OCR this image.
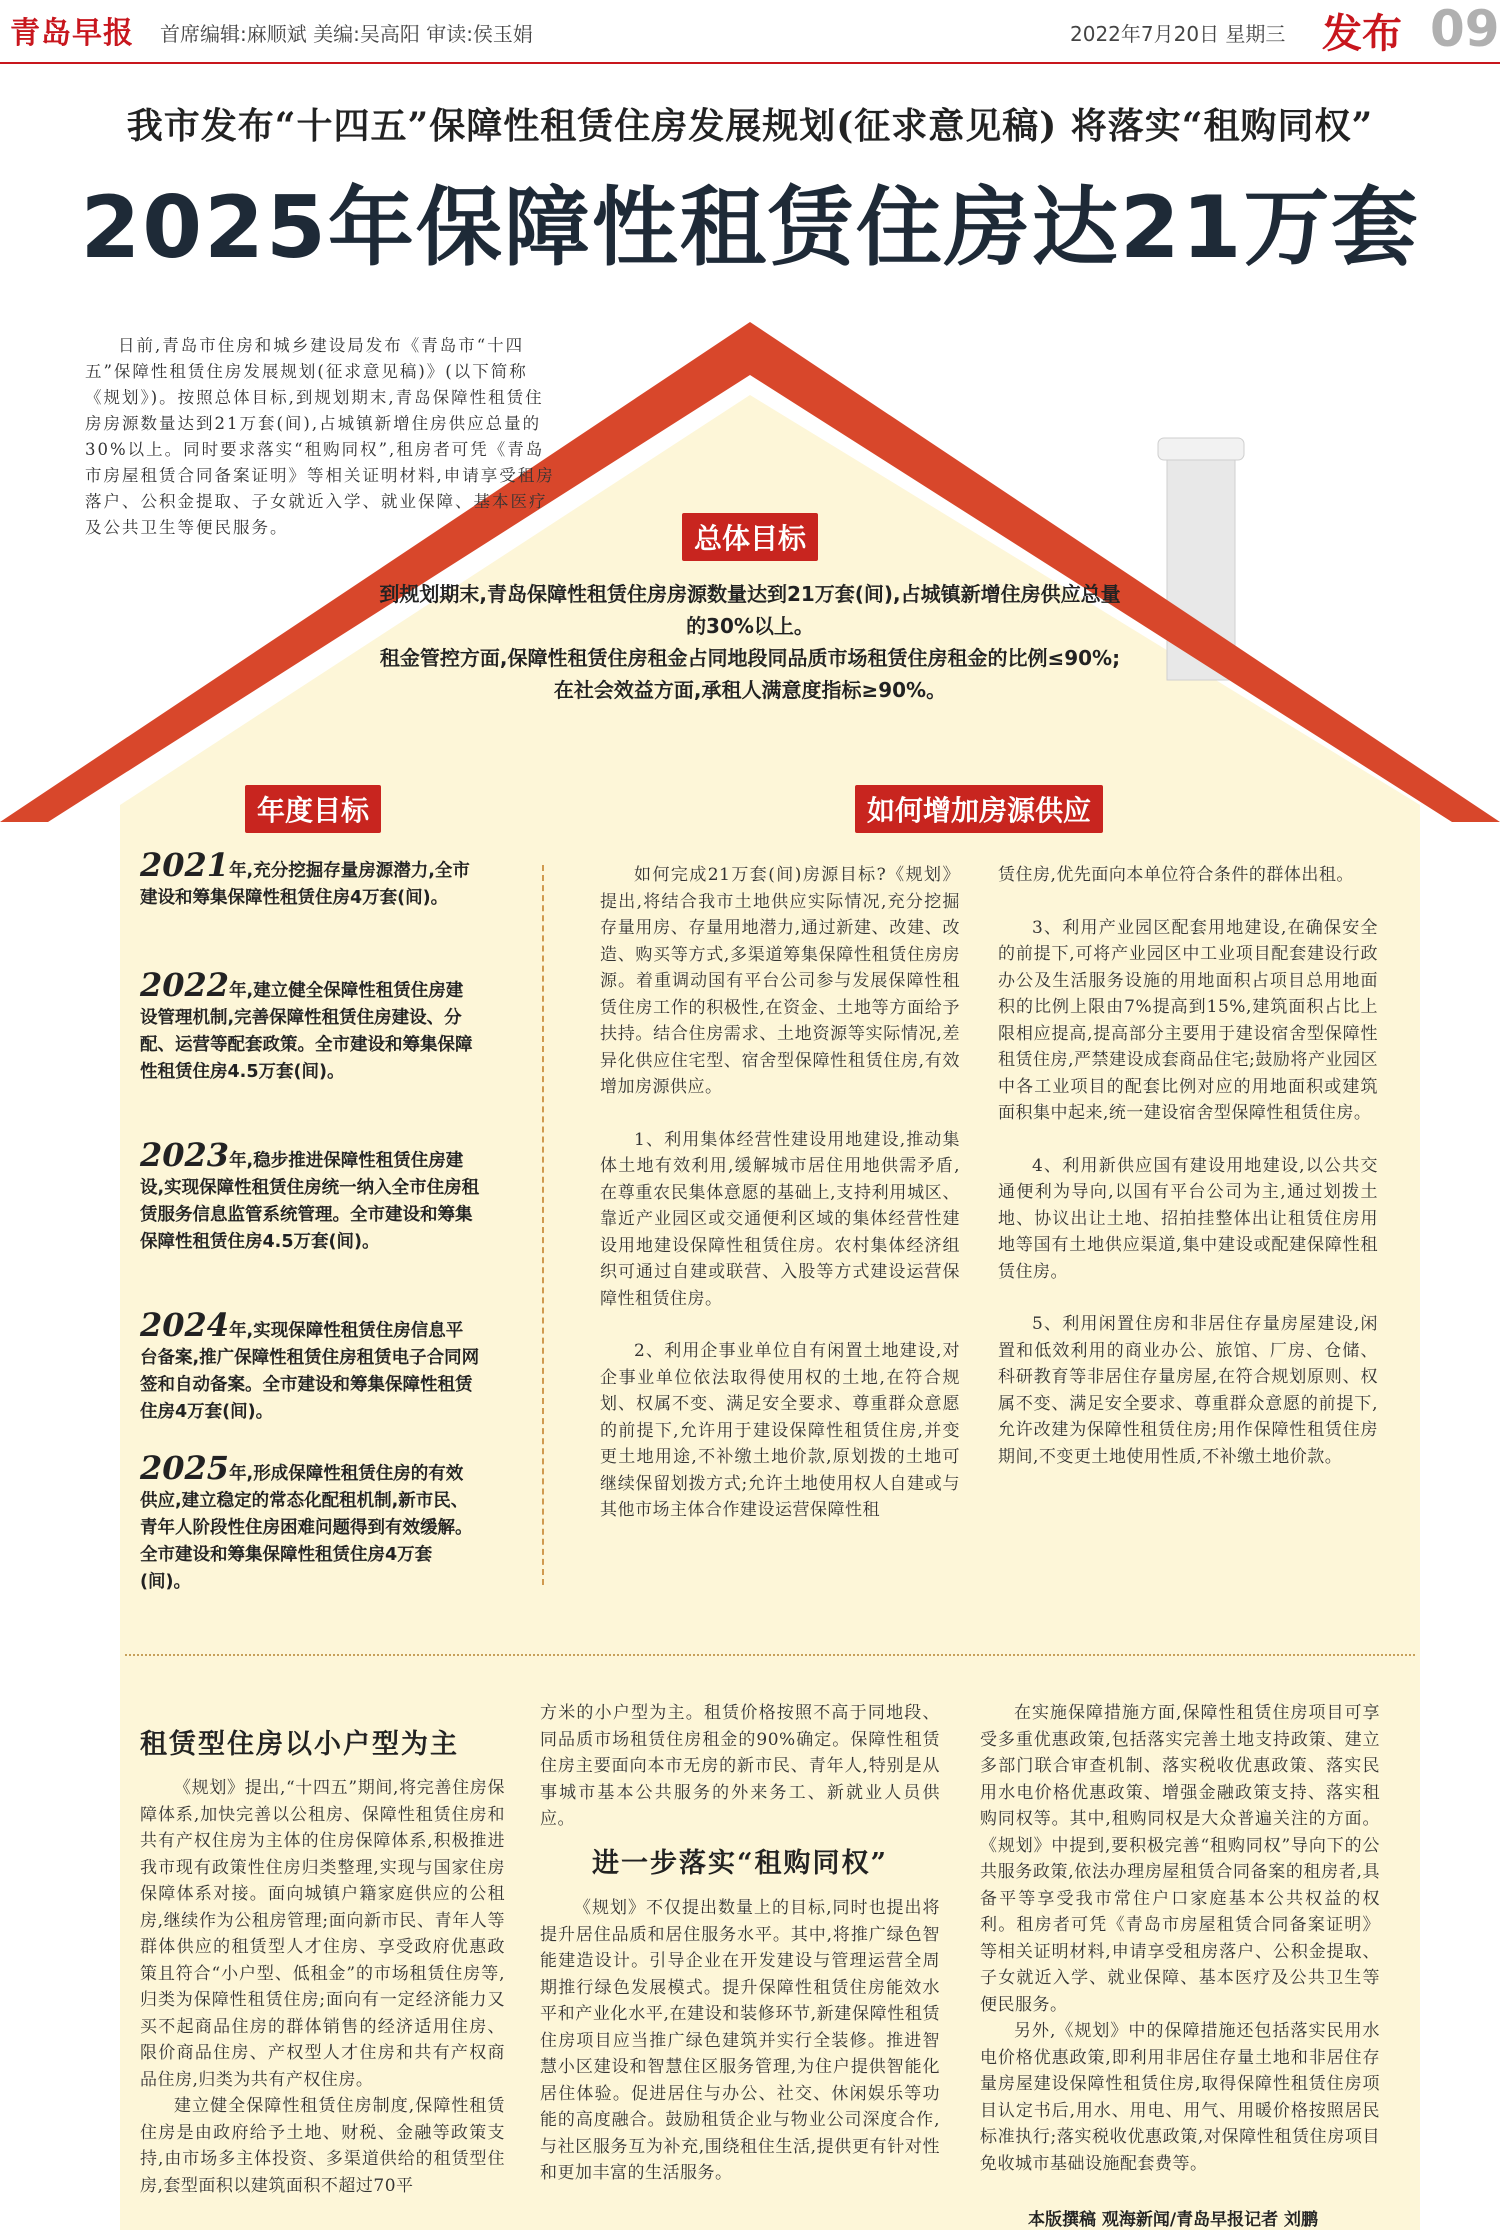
青岛早报 首席编辑:麻顺斌 美编:吴高阳 审读:侯玉娟	2022年7月20日 星期三 发布 09
我市发布“十四五”保障性租赁住房发展规划(征求意见稿) 将落实“租购同权”
2025年保障性租赁住房达21万套
日前,青岛市住房和城乡建设局发布《青岛市“十四五”保障性租赁住房发展规划(征求意见稿)》(以下简称《规划》)。按照总体目标,到规划期末,青岛保障性租赁住房房源数量达到21万套(间),占城镇新增住房供应总量的30%以上。同时要求落实“租购同权”,租房者可凭《青岛市房屋租赁合同备案证明》等相关证明材料,申请享受租房落户、公积金提取、子女就近入学、就业保障、基本医疗及公共卫生等便民服务。	总体目标
到规划期末,青岛保障性租赁住房房源数量达到21万套(间),占城镇新增住房供应总量的30%以上。
租金管控方面,保障性租赁住房租金占同地段同品质市场租赁住房租金的比例≤90%;在社会效益方面,承租人满意度指标≥90%。
年度目标	如何增加房源供应
2021年,充分挖掘存量房源潜力,全市建设和筹集保障性租赁住房4万套(间)。
2022年,建立健全保障性租赁住房建设管理机制,完善保障性租赁住房建设、分配、运营等配套政策。全市建设和筹集保障性租赁住房4.5万套(间)。
2023年,稳步推进保障性租赁住房建设,实现保障性租赁住房统一纳入全市住房租赁服务信息监管系统管理。全市建设和筹集保障性租赁住房4.5万套(间)。
2024年,实现保障性租赁住房信息平台备案,推广保障性租赁住房租赁电子合同网签和自动备案。全市建设和筹集保障性租赁住房4万套(间)。
2025年,形成保障性租赁住房的有效供应,建立稳定的常态化配租机制,新市民、青年人阶段性住房困难问题得到有效缓解。全市建设和筹集保障性租赁住房4万套(间)。

如何完成21万套(间)房源目标?《规划》提出,将结合我市土地供应实际情况,充分挖掘存量用房、存量用地潜力,通过新建、改建、改造、购买等方式,多渠道筹集保障性租赁住房房源。着重调动国有平台公司参与发展保障性租赁住房工作的积极性,在资金、土地等方面给予扶持。结合住房需求、土地资源等实际情况,差异化供应住宅型、宿舍型保障性租赁住房,有效增加房源供应。

1、利用集体经营性建设用地建设,推动集体土地有效利用,缓解城市居住用地供需矛盾,在尊重农民集体意愿的基础上,支持利用城区、靠近产业园区或交通便利区域的集体经营性建设用地建设保障性租赁住房。农村集体经济组织可通过自建或联营、入股等方式建设运营保障性租赁住房。

2、利用企事业单位自有闲置土地建设,对企事业单位依法取得使用权的土地,在符合规划、权属不变、满足安全要求、尊重群众意愿的前提下,允许用于建设保障性租赁住房,并变更土地用途,不补缴土地价款,原划拨的土地可继续保留划拨方式;允许土地使用权人自建或与其他市场主体合作建设运营保障性租

赁住房,优先面向本单位符合条件的群体出租。

3、利用产业园区配套用地建设,在确保安全的前提下,可将产业园区中工业项目配套建设行政办公及生活服务设施的用地面积占项目总用地面积的比例上限由7%提高到15%,建筑面积占比上限相应提高,提高部分主要用于建设宿舍型保障性租赁住房,严禁建设成套商品住宅;鼓励将产业园区中各工业项目的配套比例对应的用地面积或建筑面积集中起来,统一建设宿舍型保障性租赁住房。

4、利用新供应国有建设用地建设,以公共交通便利为导向,以国有平台公司为主,通过划拨土地、协议出让土地、招拍挂整体出让租赁住房用地等国有土地供应渠道,集中建设或配建保障性租赁住房。

5、利用闲置住房和非居住存量房屋建设,闲置和低效利用的商业办公、旅馆、厂房、仓储、科研教育等非居住存量房屋,在符合规划原则、权属不变、满足安全要求、尊重群众意愿的前提下,允许改建为保障性租赁住房;用作保障性租赁住房期间,不变更土地使用性质,不补缴土地价款。

租赁型住房以小户型为主

《规划》提出,“十四五”期间,将完善住房保障体系,加快完善以公租房、保障性租赁住房和共有产权住房为主体的住房保障体系,积极推进我市现有政策性住房归类整理,实现与国家住房保障体系对接。面向城镇户籍家庭供应的公租房,继续作为公租房管理;面向新市民、青年人等群体供应的租赁型人才住房、享受政府优惠政策且符合“小户型、低租金”的市场租赁住房等,归类为保障性租赁住房;面向有一定经济能力又买不起商品住房的群体销售的经济适用住房、限价商品住房、产权型人才住房和共有产权商品住房,归类为共有产权住房。

建立健全保障性租赁住房制度,保障性租赁住房是由政府给予土地、财税、金融等政策支持,由市场多主体投资、多渠道供给的租赁型住房,套型面积以建筑面积不超过70平

方米的小户型为主。租赁价格按照不高于同地段、同品质市场租赁住房租金的90%确定。保障性租赁住房主要面向本市无房的新市民、青年人,特别是从事城市基本公共服务的外来务工、新就业人员供应。

进一步落实“租购同权”

《规划》不仅提出数量上的目标,同时也提出将提升居住品质和居住服务水平。其中,将推广绿色智能建造设计。引导企业在开发建设与管理运营全周期推行绿色发展模式。提升保障性租赁住房能效水平和产业化水平,在建设和装修环节,新建保障性租赁住房项目应当推广绿色建筑并实行全装修。推进智慧小区建设和智慧住区服务管理,为住户提供智能化居住体验。促进居住与办公、社交、休闲娱乐等功能的高度融合。鼓励租赁企业与物业公司深度合作,与社区服务互为补充,围绕租住生活,提供更有针对性和更加丰富的生活服务。

在实施保障措施方面,保障性租赁住房项目可享受多重优惠政策,包括落实完善土地支持政策、建立多部门联合审查机制、落实税收优惠政策、落实民用水电价格优惠政策、增强金融政策支持、落实租购同权等。其中,租购同权是大众普遍关注的方面。《规划》中提到,要积极完善“租购同权”导向下的公共服务政策,依法办理房屋租赁合同备案的租房者,具备平等享受我市常住户口家庭基本公共权益的权利。租房者可凭《青岛市房屋租赁合同备案证明》等相关证明材料,申请享受租房落户、公积金提取、子女就近入学、就业保障、基本医疗及公共卫生等便民服务。

另外,《规划》中的保障措施还包括落实民用水电价格优惠政策,即利用非居住存量土地和非居住存量房屋建设保障性租赁住房,取得保障性租赁住房项目认定书后,用水、用电、用气、用暖价格按照居民标准执行;落实税收优惠政策,对保障性租赁住房项目免收城市基础设施配套费等。

本版撰稿 观海新闻/青岛早报记者 刘鹏
